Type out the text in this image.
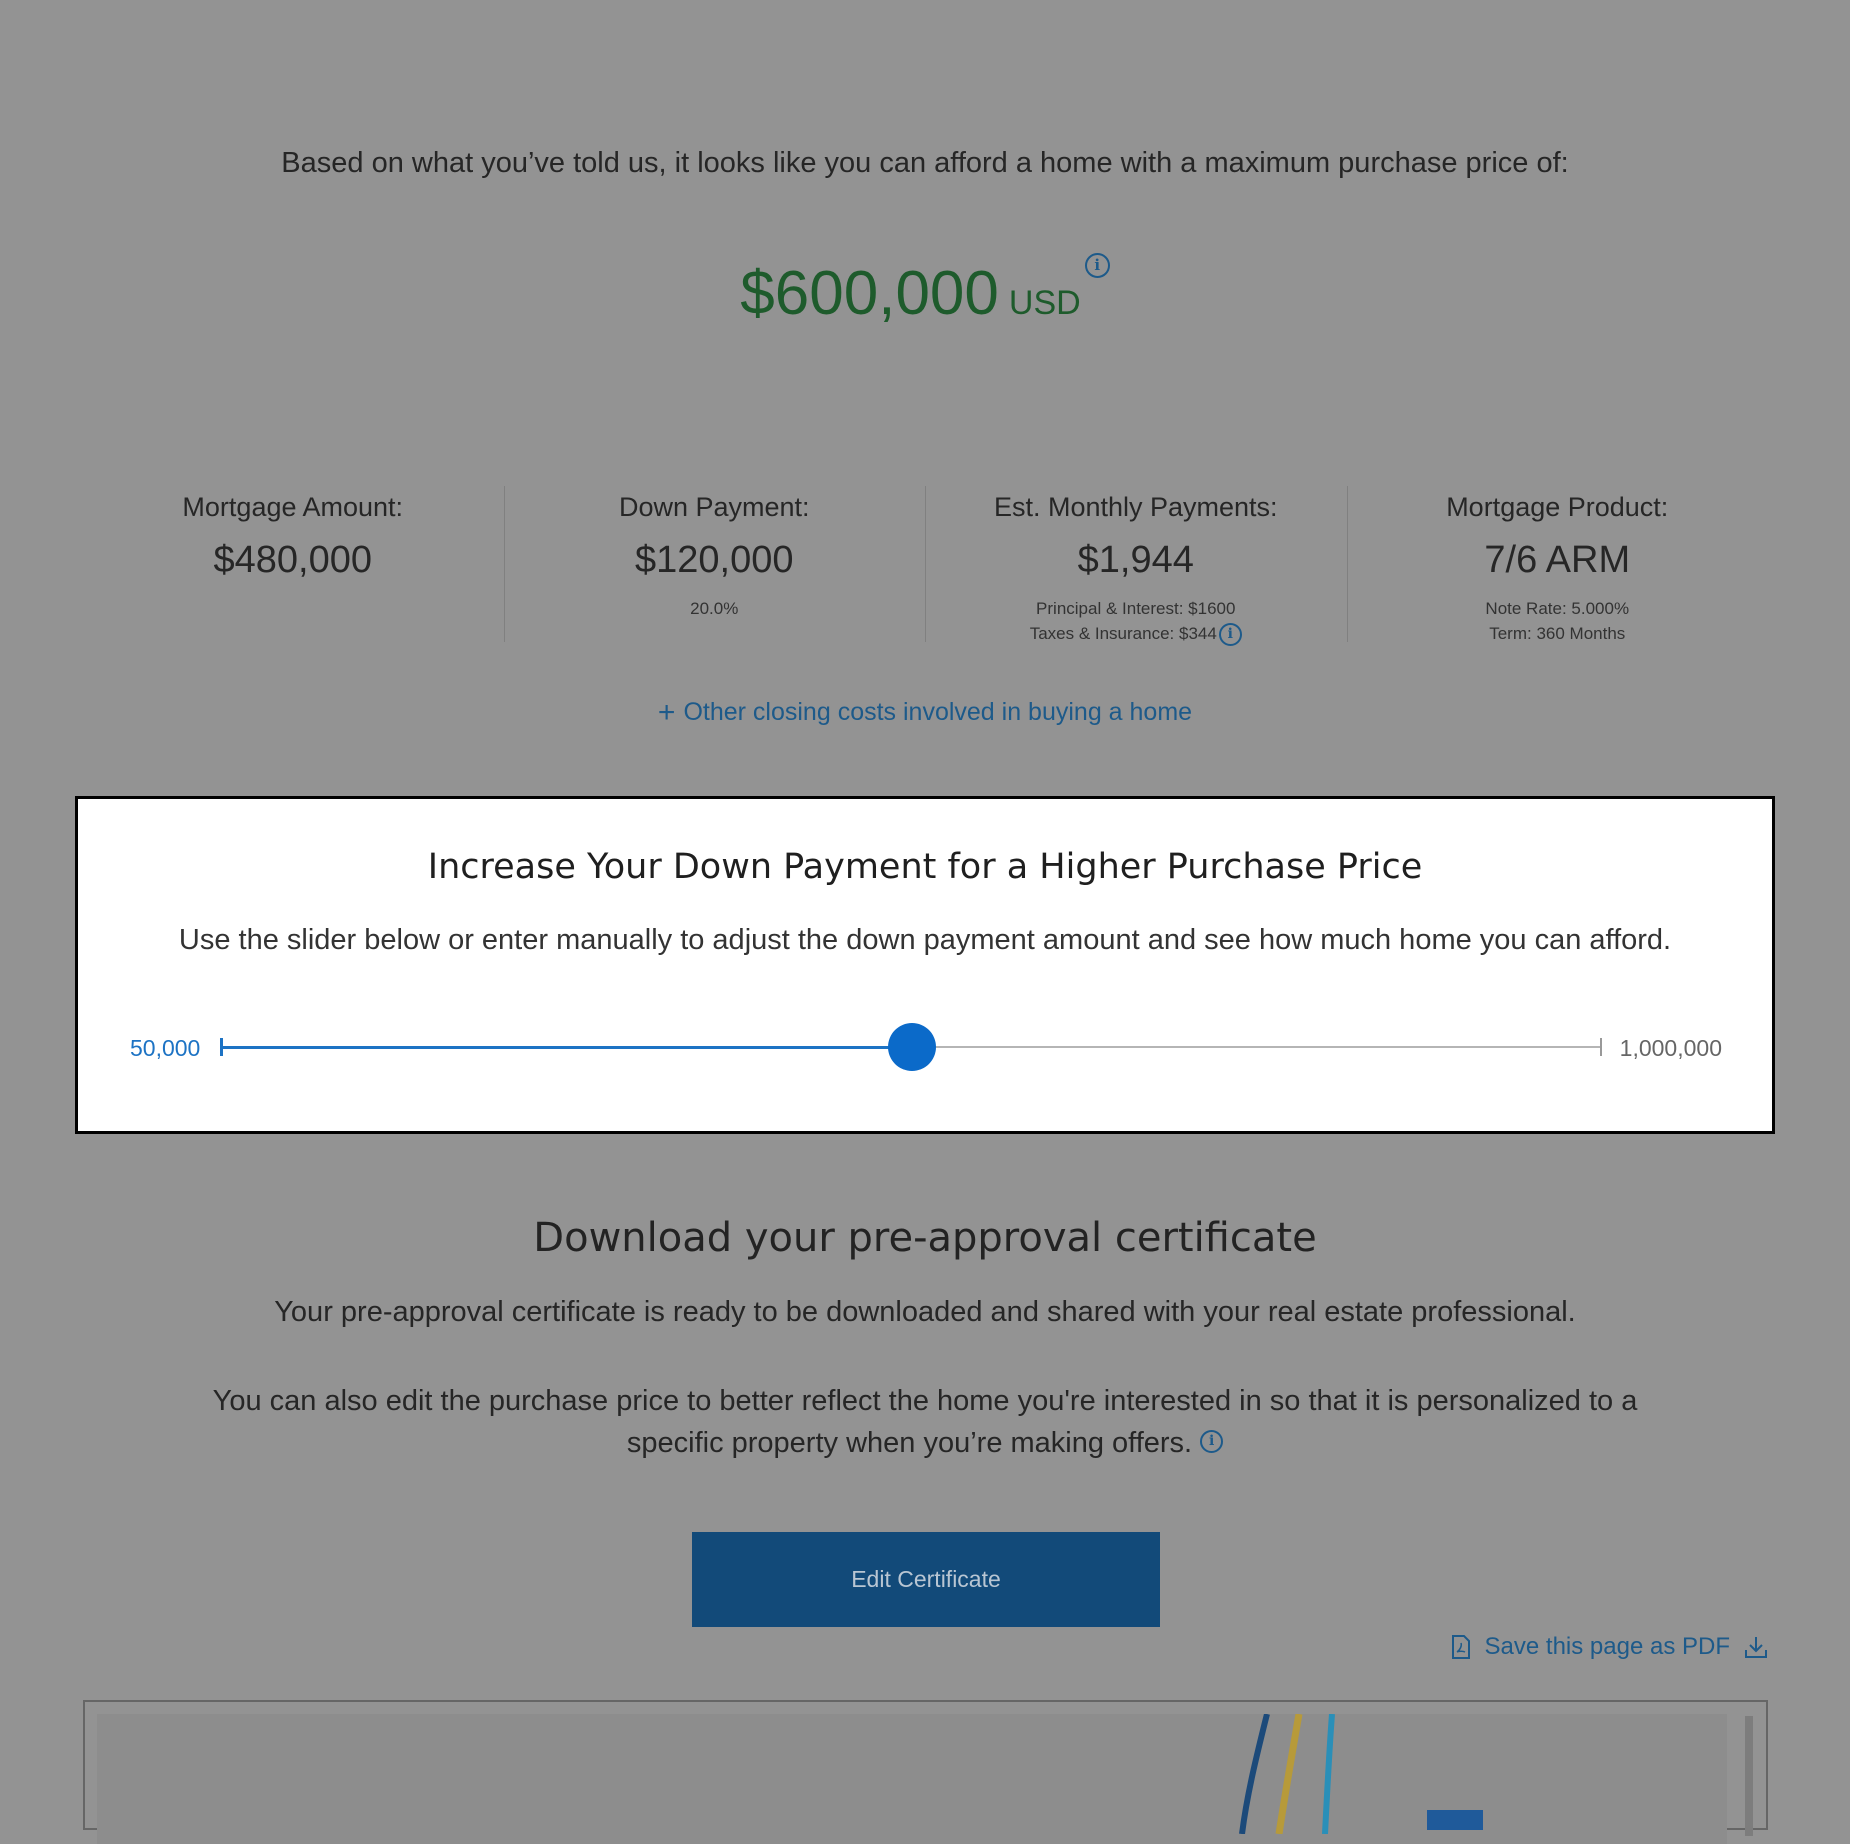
Based on what you’ve told us, it looks like you can afford a home with a maximum purchase price of:
$600,000 USDi
Mortgage Amount:
$480,000
Down Payment:
$120,000
20.0%
Est. Monthly Payments:
$1,944
Principal & Interest: $1600
Taxes & Insurance: $344 i
Mortgage Product:
7/6 ARM
Note Rate: 5.000%
Term: 360 Months
+ Other closing costs involved in buying a home
Increase Your Down Payment for a Higher Purchase Price
Use the slider below or enter manually to adjust the down payment amount and see how much home you can afford.
50,000	1,000,000
Download your pre-approval certificate
Your pre-approval certificate is ready to be downloaded and shared with your real estate professional.
You can also edit the purchase price to better reflect the home you're interested in so that it is personalized to a specific property when you’re making offers. i
Edit Certificate
Save this page as PDF
